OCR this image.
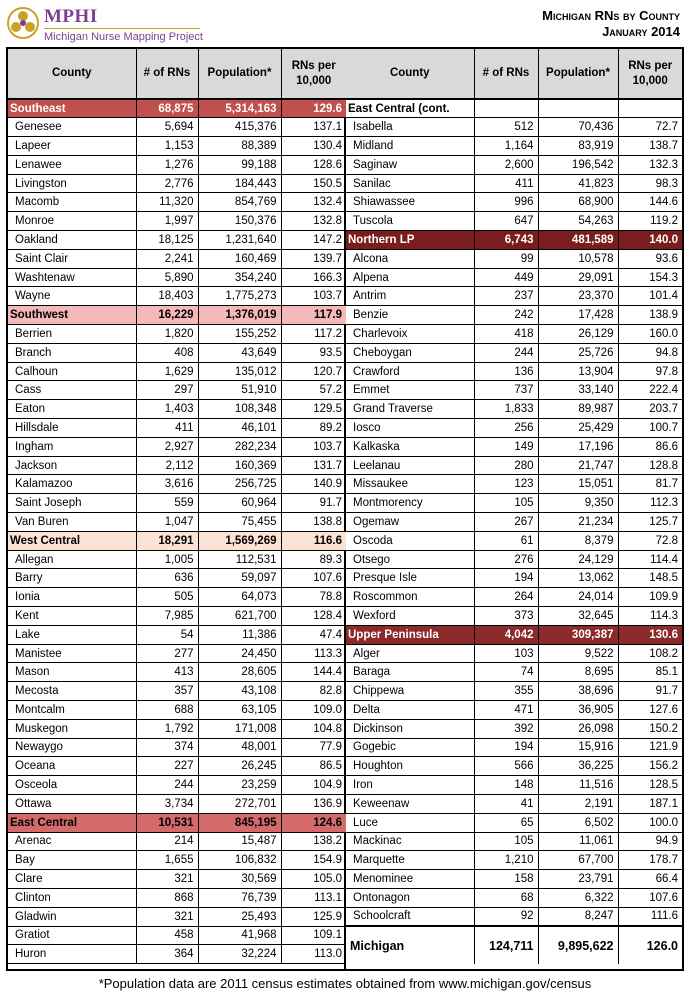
MPHI
Michigan Nurse Mapping Project
Michigan RNs by County
January 2014
County	# of RNs	Population*	RNs per 10,000
Southeast	68,875	5,314,163	129.6
Genesee	5,694	415,376	137.1
Lapeer	1,153	88,389	130.4
Lenawee	1,276	99,188	128.6
Livingston	2,776	184,443	150.5
Macomb	11,320	854,769	132.4
Monroe	1,997	150,376	132.8
Oakland	18,125	1,231,640	147.2
Saint Clair	2,241	160,469	139.7
Washtenaw	5,890	354,240	166.3
Wayne	18,403	1,775,273	103.7
Southwest	16,229	1,376,019	117.9
Berrien	1,820	155,252	117.2
Branch	408	43,649	93.5
Calhoun	1,629	135,012	120.7
Cass	297	51,910	57.2
Eaton	1,403	108,348	129.5
Hillsdale	411	46,101	89.2
Ingham	2,927	282,234	103.7
Jackson	2,112	160,369	131.7
Kalamazoo	3,616	256,725	140.9
Saint Joseph	559	60,964	91.7
Van Buren	1,047	75,455	138.8
West Central	18,291	1,569,269	116.6
Allegan	1,005	112,531	89.3
Barry	636	59,097	107.6
Ionia	505	64,073	78.8
Kent	7,985	621,700	128.4
Lake	54	11,386	47.4
Manistee	277	24,450	113.3
Mason	413	28,605	144.4
Mecosta	357	43,108	82.8
Montcalm	688	63,105	109.0
Muskegon	1,792	171,008	104.8
Newaygo	374	48,001	77.9
Oceana	227	26,245	86.5
Osceola	244	23,259	104.9
Ottawa	3,734	272,701	136.9
East Central	10,531	845,195	124.6
Arenac	214	15,487	138.2
Bay	1,655	106,832	154.9
Clare	321	30,569	105.0
Clinton	868	76,739	113.1
Gladwin	321	25,493	125.9
Gratiot	458	41,968	109.1
Huron	364	32,224	113.0
County	# of RNs	Population*	RNs per 10,000
East Central (cont.			
Isabella	512	70,436	72.7
Midland	1,164	83,919	138.7
Saginaw	2,600	196,542	132.3
Sanilac	411	41,823	98.3
Shiawassee	996	68,900	144.6
Tuscola	647	54,263	119.2
Northern LP	6,743	481,589	140.0
Alcona	99	10,578	93.6
Alpena	449	29,091	154.3
Antrim	237	23,370	101.4
Benzie	242	17,428	138.9
Charlevoix	418	26,129	160.0
Cheboygan	244	25,726	94.8
Crawford	136	13,904	97.8
Emmet	737	33,140	222.4
Grand Traverse	1,833	89,987	203.7
Iosco	256	25,429	100.7
Kalkaska	149	17,196	86.6
Leelanau	280	21,747	128.8
Missaukee	123	15,051	81.7
Montmorency	105	9,350	112.3
Ogemaw	267	21,234	125.7
Oscoda	61	8,379	72.8
Otsego	276	24,129	114.4
Presque Isle	194	13,062	148.5
Roscommon	264	24,014	109.9
Wexford	373	32,645	114.3
Upper Peninsula	4,042	309,387	130.6
Alger	103	9,522	108.2
Baraga	74	8,695	85.1
Chippewa	355	38,696	91.7
Delta	471	36,905	127.6
Dickinson	392	26,098	150.2
Gogebic	194	15,916	121.9
Houghton	566	36,225	156.2
Iron	148	11,516	128.5
Keweenaw	41	2,191	187.1
Luce	65	6,502	100.0
Mackinac	105	11,061	94.9
Marquette	1,210	67,700	178.7
Menominee	158	23,791	66.4
Ontonagon	68	6,322	107.6
Schoolcraft	92	8,247	111.6
Michigan	124,711	9,895,622	126.0
*Population data are 2011 census estimates obtained from www.michigan.gov/census
